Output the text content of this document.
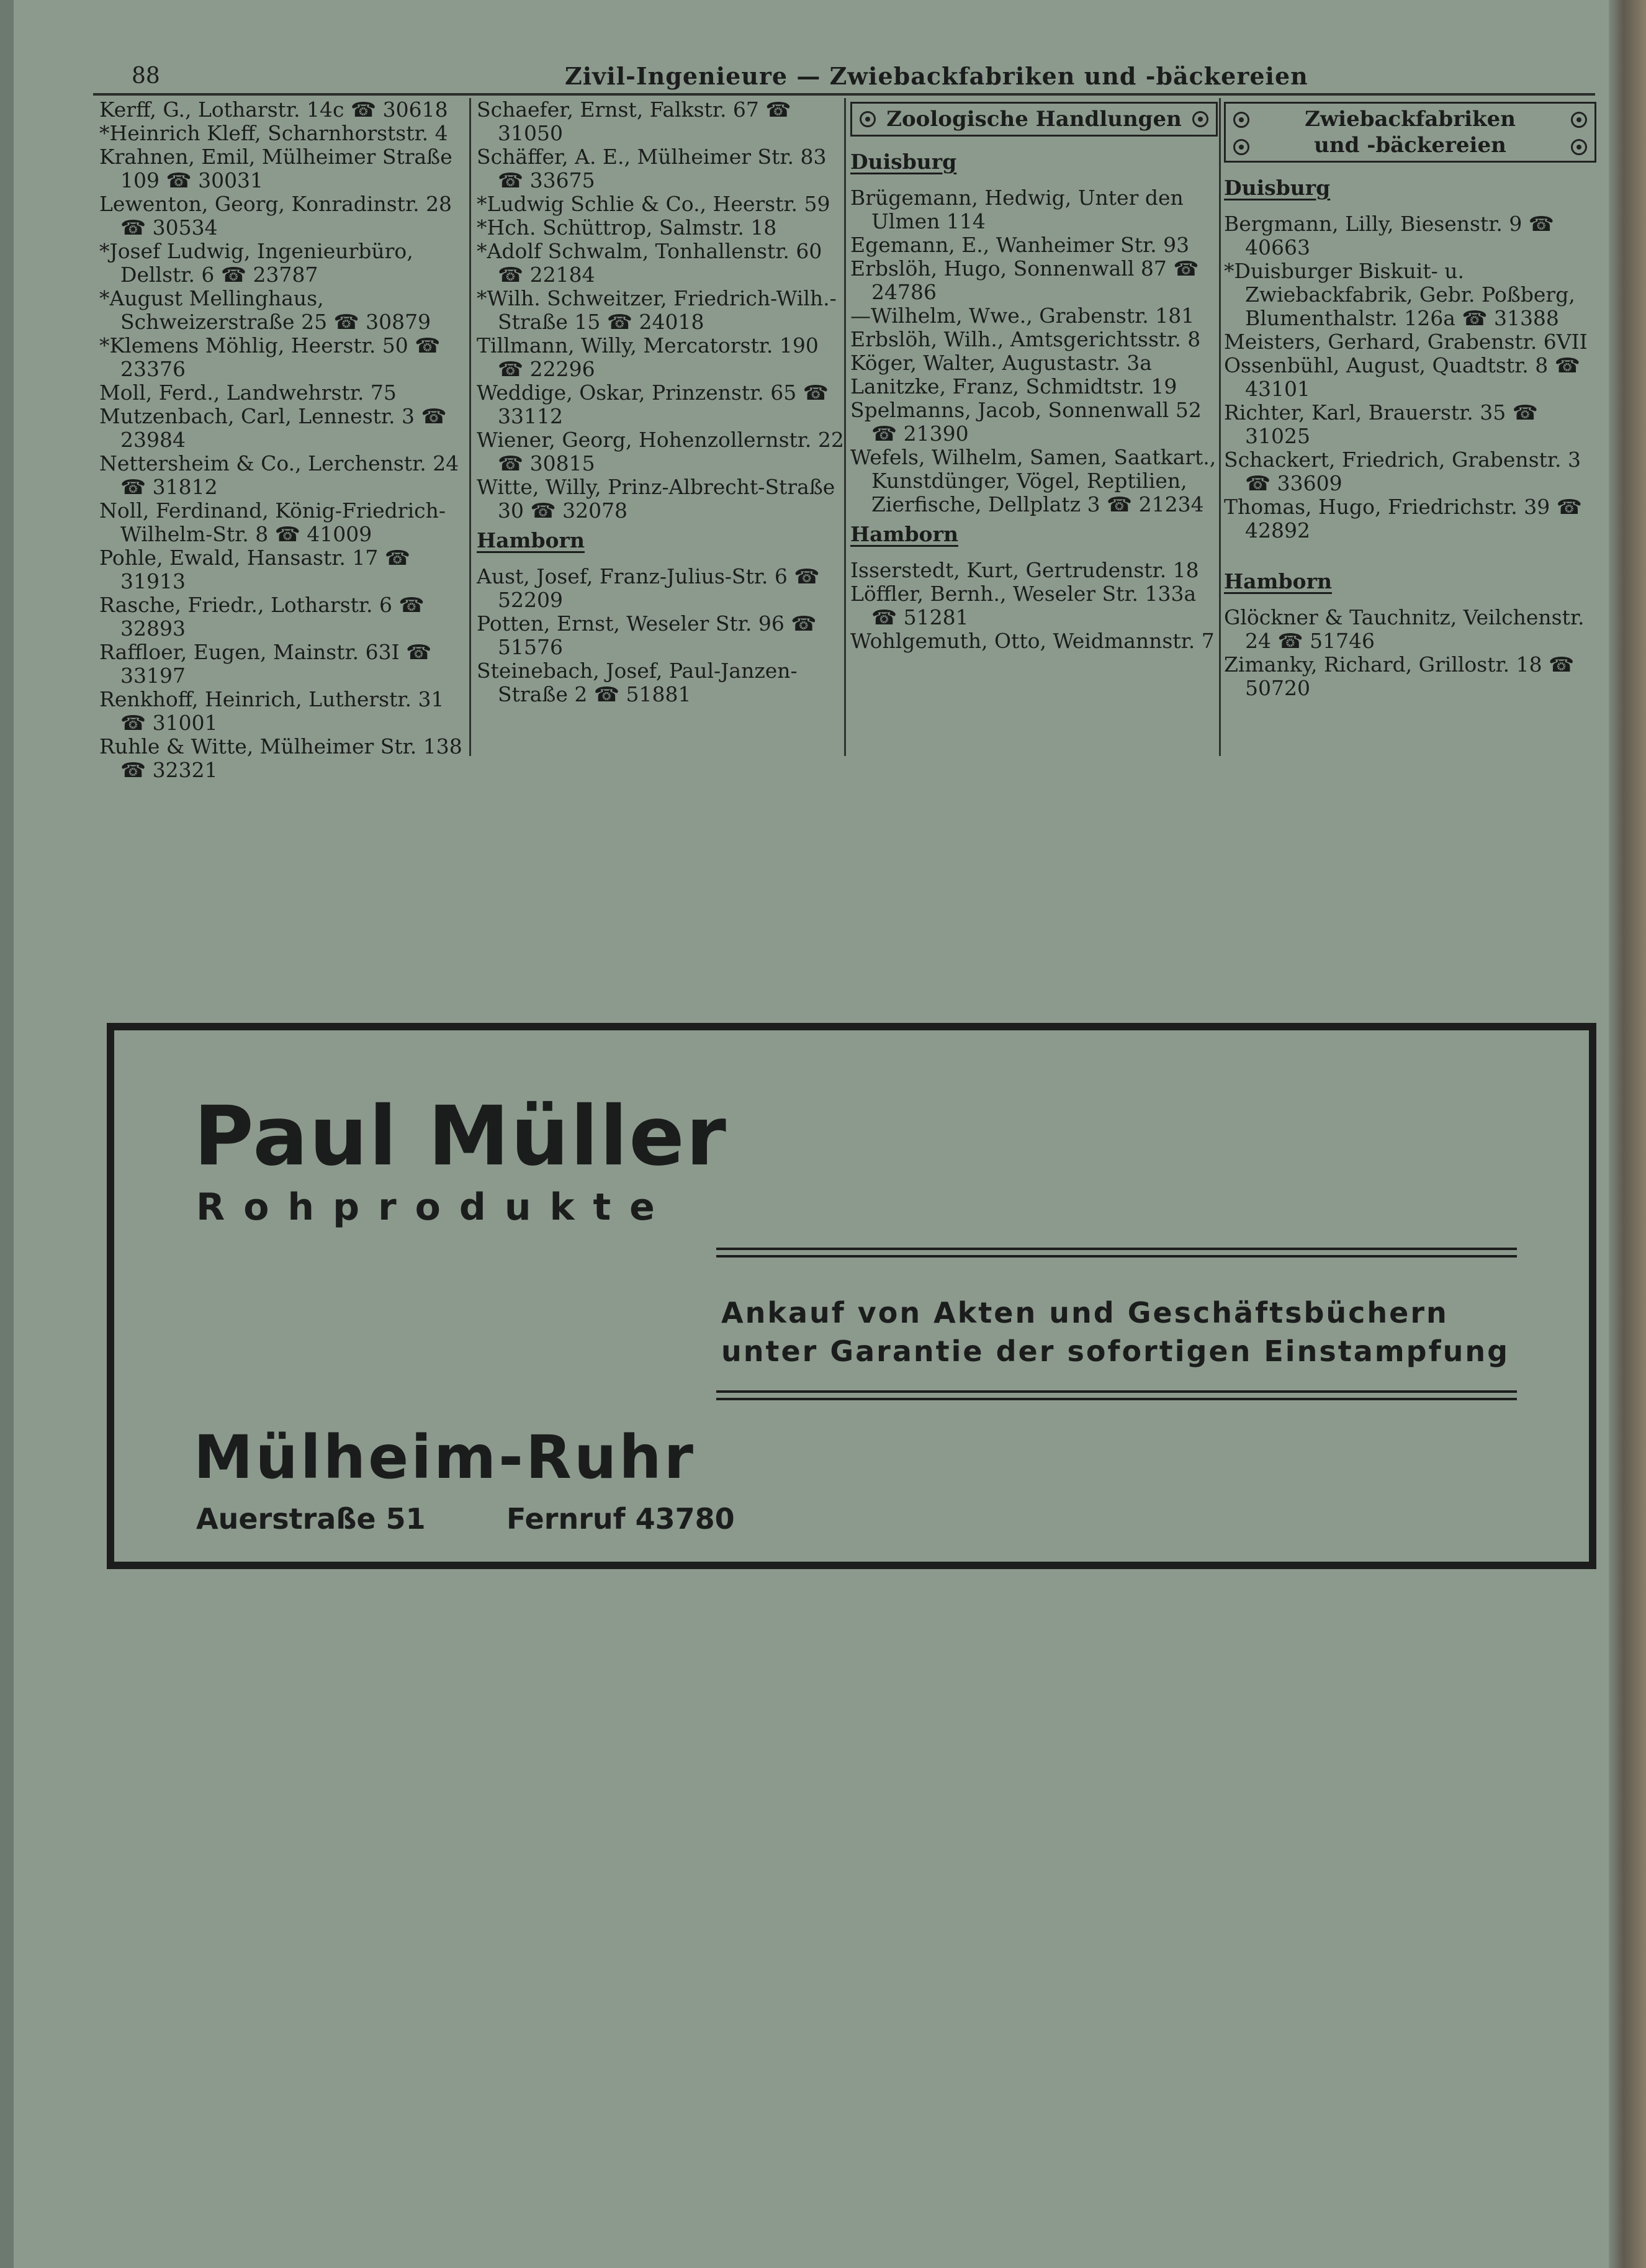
88	Zivil-Ingenieure — Zwiebackfabriken und -bäckereien
Kerff, G., Lotharstr. 14c ☎ 30618
*Heinrich Kleff, Scharnhorststr. 4
Krahnen, Emil, Mülheimer Straße 109 ☎ 30031
Lewenton, Georg, Konradinstr. 28 ☎ 30534
*Josef Ludwig, Ingenieurbüro, Dellstr. 6 ☎ 23787
*August Mellinghaus, Schweizerstraße 25 ☎ 30879
*Klemens Möhlig, Heerstr. 50 ☎ 23376
Moll, Ferd., Landwehrstr. 75
Mutzenbach, Carl, Lennestr. 3 ☎ 23984
Nettersheim & Co., Lerchenstr. 24 ☎ 31812
Noll, Ferdinand, König-Friedrich-Wilhelm-Str. 8 ☎ 41009
Pohle, Ewald, Hansastr. 17 ☎ 31913
Rasche, Friedr., Lotharstr. 6 ☎ 32893
Raffloer, Eugen, Mainstr. 63I ☎ 33197
Renkhoff, Heinrich, Lutherstr. 31 ☎ 31001
Ruhle & Witte, Mülheimer Str. 138 ☎ 32321
Schaefer, Ernst, Falkstr. 67 ☎ 31050
Schäffer, A. E., Mülheimer Str. 83 ☎ 33675
*Ludwig Schlie & Co., Heerstr. 59
*Hch. Schüttrop, Salmstr. 18
*Adolf Schwalm, Tonhallenstr. 60 ☎ 22184
*Wilh. Schweitzer, Friedrich-Wilh.-Straße 15 ☎ 24018
Tillmann, Willy, Mercatorstr. 190 ☎ 22296
Weddige, Oskar, Prinzenstr. 65 ☎ 33112
Wiener, Georg, Hohenzollernstr. 22 ☎ 30815
Witte, Willy, Prinz-Albrecht-Straße 30 ☎ 32078
Hamborn
Aust, Josef, Franz-Julius-Str. 6 ☎ 52209
Potten, Ernst, Weseler Str. 96 ☎ 51576
Steinebach, Josef, Paul-Janzen-Straße 2 ☎ 51881
Zoologische Handlungen
Duisburg
Brügemann, Hedwig, Unter den Ulmen 114
Egemann, E., Wanheimer Str. 93
Erbslöh, Hugo, Sonnenwall 87 ☎ 24786
—Wilhelm, Wwe., Grabenstr. 181
Erbslöh, Wilh., Amtsgerichtsstr. 8
Köger, Walter, Augustastr. 3a
Lanitzke, Franz, Schmidtstr. 19
Spelmanns, Jacob, Sonnenwall 52 ☎ 21390
Wefels, Wilhelm, Samen, Saatkart., Kunstdünger, Vögel, Reptilien, Zierfische, Dellplatz 3 ☎ 21234
Hamborn
Isserstedt, Kurt, Gertrudenstr. 18
Löffler, Bernh., Weseler Str. 133a ☎ 51281
Wohlgemuth, Otto, Weidmannstr. 7
Zwiebackfabriken
und -bäckereien
Duisburg
Bergmann, Lilly, Biesenstr. 9 ☎ 40663
*Duisburger Biskuit- u. Zwiebackfabrik, Gebr. Poßberg, Blumenthalstr. 126a ☎ 31388
Meisters, Gerhard, Grabenstr. 6VII
Ossenbühl, August, Quadtstr. 8 ☎ 43101
Richter, Karl, Brauerstr. 35 ☎ 31025
Schackert, Friedrich, Grabenstr. 3 ☎ 33609
Thomas, Hugo, Friedrichstr. 39 ☎ 42892
Hamborn
Glöckner & Tauchnitz, Veilchenstr. 24 ☎ 51746
Zimanky, Richard, Grillostr. 18 ☎ 50720
Paul Müller
Rohprodukte
Ankauf von Akten und Geschäftsbüchern
unter Garantie der sofortigen Einstampfung
Mülheim-Ruhr
Auerstraße 51	Fernruf 43780
